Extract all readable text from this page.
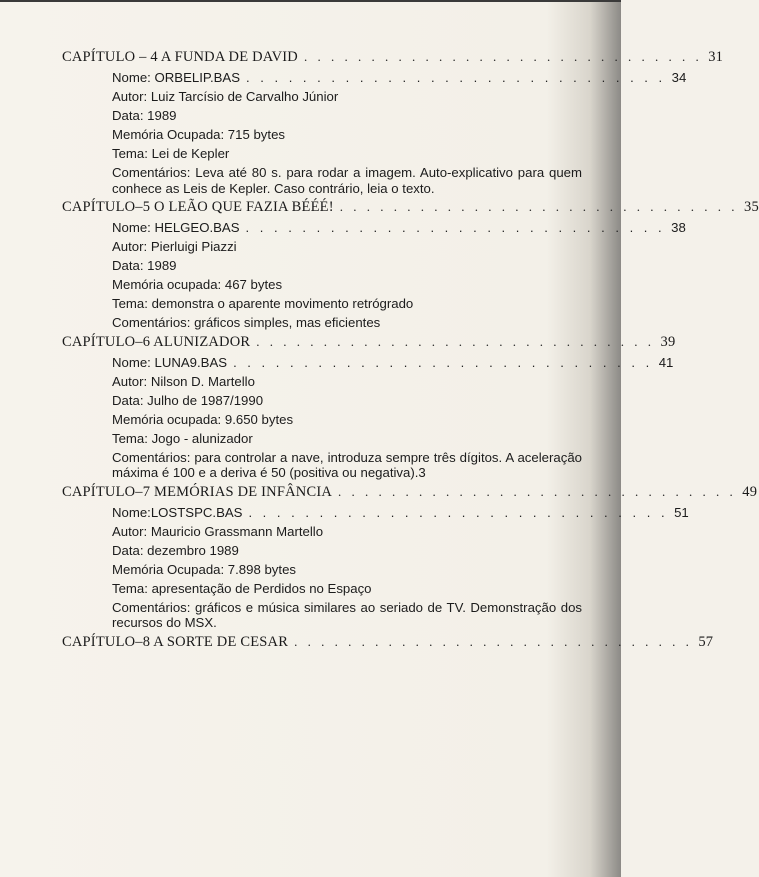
CAPÍTULO – 4 A FUNDA DE DAVID . . . . . . . . . . . . . . . . . . . . . . . . . . . . . . 31
Nome: ORBELIP.BAS . . . . . . . . . . . . . . . . . . . . . . . . . . . . . . 34
Autor: Luiz Tarcísio de Carvalho Júnior
Data: 1989
Memória Ocupada: 715 bytes
Tema: Lei de Kepler
Comentários: Leva até 80 s. para rodar a imagem. Auto-explicativo para quem conhece as Leis de Kepler. Caso contrário, leia o texto.
CAPÍTULO–5 O LEÃO QUE FAZIA BÉÉÉ! . . . . . . . . . . . . . . . . . . . . . . . . . . . . . . 35
Nome: HELGEO.BAS . . . . . . . . . . . . . . . . . . . . . . . . . . . . . . 38
Autor: Pierluigi Piazzi
Data: 1989
Memória ocupada: 467 bytes
Tema: demonstra o aparente movimento retrógrado
Comentários: gráficos simples, mas eficientes
CAPÍTULO–6 ALUNIZADOR . . . . . . . . . . . . . . . . . . . . . . . . . . . . . . 39
Nome: LUNA9.BAS . . . . . . . . . . . . . . . . . . . . . . . . . . . . . . 41
Autor: Nilson D. Martello
Data: Julho de 1987/1990
Memória ocupada: 9.650 bytes
Tema: Jogo - alunizador
Comentários: para controlar a nave, introduza sempre três dígitos. A aceleração máxima é 100 e a deriva é 50 (positiva ou negativa).3
CAPÍTULO–7 MEMÓRIAS DE INFÂNCIA . . . . . . . . . . . . . . . . . . . . . . . . . . . . . . 49
Nome:LOSTSPC.BAS . . . . . . . . . . . . . . . . . . . . . . . . . . . . . . 51
Autor: Mauricio Grassmann Martello
Data: dezembro 1989
Memória Ocupada: 7.898 bytes
Tema: apresentação de Perdidos no Espaço
Comentários: gráficos e música similares ao seriado de TV. Demonstração dos recursos do MSX.
CAPÍTULO–8 A SORTE DE CESAR . . . . . . . . . . . . . . . . . . . . . . . . . . . . . . 57
